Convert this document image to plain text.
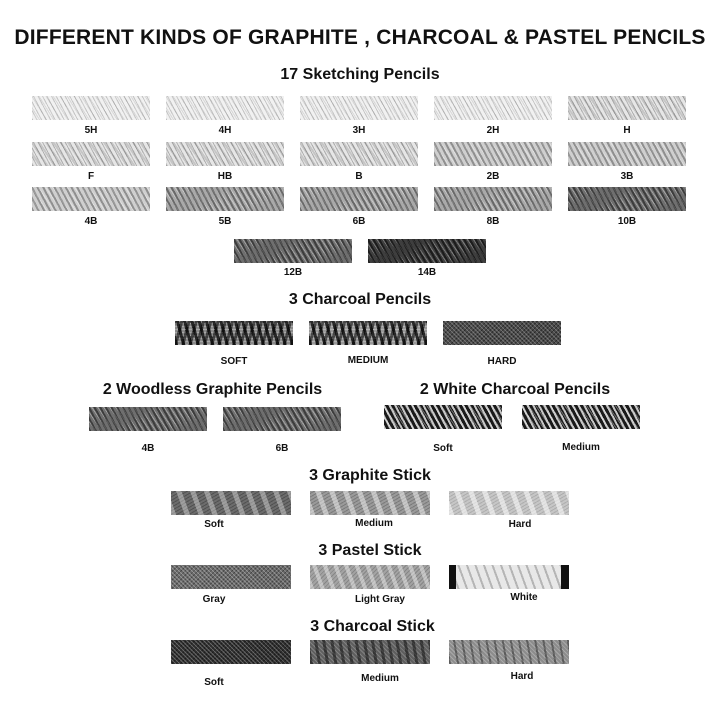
DIFFERENT KINDS OF GRAPHITE , CHARCOAL & PASTEL PENCILS
17 Sketching Pencils
5H	4H	3H	2H	H
F	HB	B	2B	3B
4B	5B	6B	8B	10B
12B	14B
3 Charcoal Pencils
SOFT	MEDIUM	HARD
2 Woodless Graphite Pencils
4B	6B
2 White Charcoal Pencils
Soft	Medium
3 Graphite Stick
Soft	Medium	Hard
3 Pastel Stick
Gray	Light Gray	White
3 Charcoal Stick
Soft	Medium	Hard
